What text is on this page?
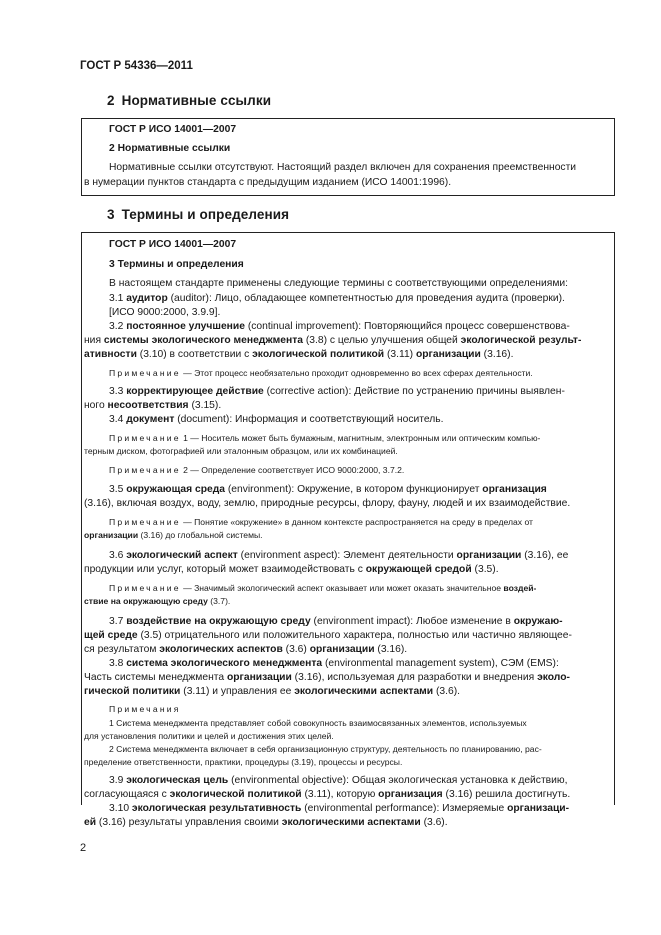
ГОСТ Р 54336—2011
2 Нормативные ссылки
ГОСТ Р ИСО 14001—2007
2 Нормативные ссылки
Нормативные ссылки отсутствуют. Настоящий раздел включен для сохранения преемственности
в нумерации пунктов стандарта с предыдущим изданием (ИСО 14001:1996).
3 Термины и определения
ГОСТ Р ИСО 14001—2007
3 Термины и определения
В настоящем стандарте применены следующие термины с соответствующими определениями:
3.1 аудитор (auditor): Лицо, обладающее компетентностью для проведения аудита (проверки).
[ИСО 9000:2000, 3.9.9].
3.2 постоянное улучшение (continual improvement): Повторяющийся процесс совершенствова-
ния системы экологического менеджмента (3.8) с целью улучшения общей экологической результ-
ативности (3.10) в соответствии с экологической политикой (3.11) организации (3.16).
Примечание — Этот процесс необязательно проходит одновременно во всех сферах деятельности.
3.3 корректирующее действие (corrective action): Действие по устранению причины выявлен-
ного несоответствия (3.15).
3.4 документ (document): Информация и соответствующий носитель.
Примечание 1 — Носитель может быть бумажным, магнитным, электронным или оптическим компью-
терным диском, фотографией или эталонным образцом, или их комбинацией.
Примечание 2 — Определение соответствует ИСО 9000:2000, 3.7.2.
3.5 окружающая среда (environment): Окружение, в котором функционирует организация
(3.16), включая воздух, воду, землю, природные ресурсы, флору, фауну, людей и их взаимодействие.
Примечание — Понятие «окружение» в данном контексте распространяется на среду в пределах от
организации (3.16) до глобальной системы.
3.6 экологический аспект (environment aspect): Элемент деятельности организации (3.16), ее
продукции или услуг, который может взаимодействовать с окружающей средой (3.5).
Примечание — Значимый экологический аспект оказывает или может оказать значительное воздей-
ствие на окружающую среду (3.7).
3.7 воздействие на окружающую среду (environment impact): Любое изменение в окружаю-
щей среде (3.5) отрицательного или положительного характера, полностью или частично являющее-
ся результатом экологических аспектов (3.6) организации (3.16).
3.8 система экологического менеджмента (environmental management system), СЭМ (EMS):
Часть системы менеджмента организации (3.16), используемая для разработки и внедрения эколо-
гической политики (3.11) и управления ее экологическими аспектами (3.6).
Примечания
1 Система менеджмента представляет собой совокупность взаимосвязанных элементов, используемых
для установления политики и целей и достижения этих целей.
2 Система менеджмента включает в себя организационную структуру, деятельность по планированию, рас-
пределение ответственности, практики, процедуры (3.19), процессы и ресурсы.
3.9 экологическая цель (environmental objective): Общая экологическая установка к действию,
согласующаяся с экологической политикой (3.11), которую организация (3.16) решила достигнуть.
3.10 экологическая результативность (environmental performance): Измеряемые организаци-
ей (3.16) результаты управления своими экологическими аспектами (3.6).
2
